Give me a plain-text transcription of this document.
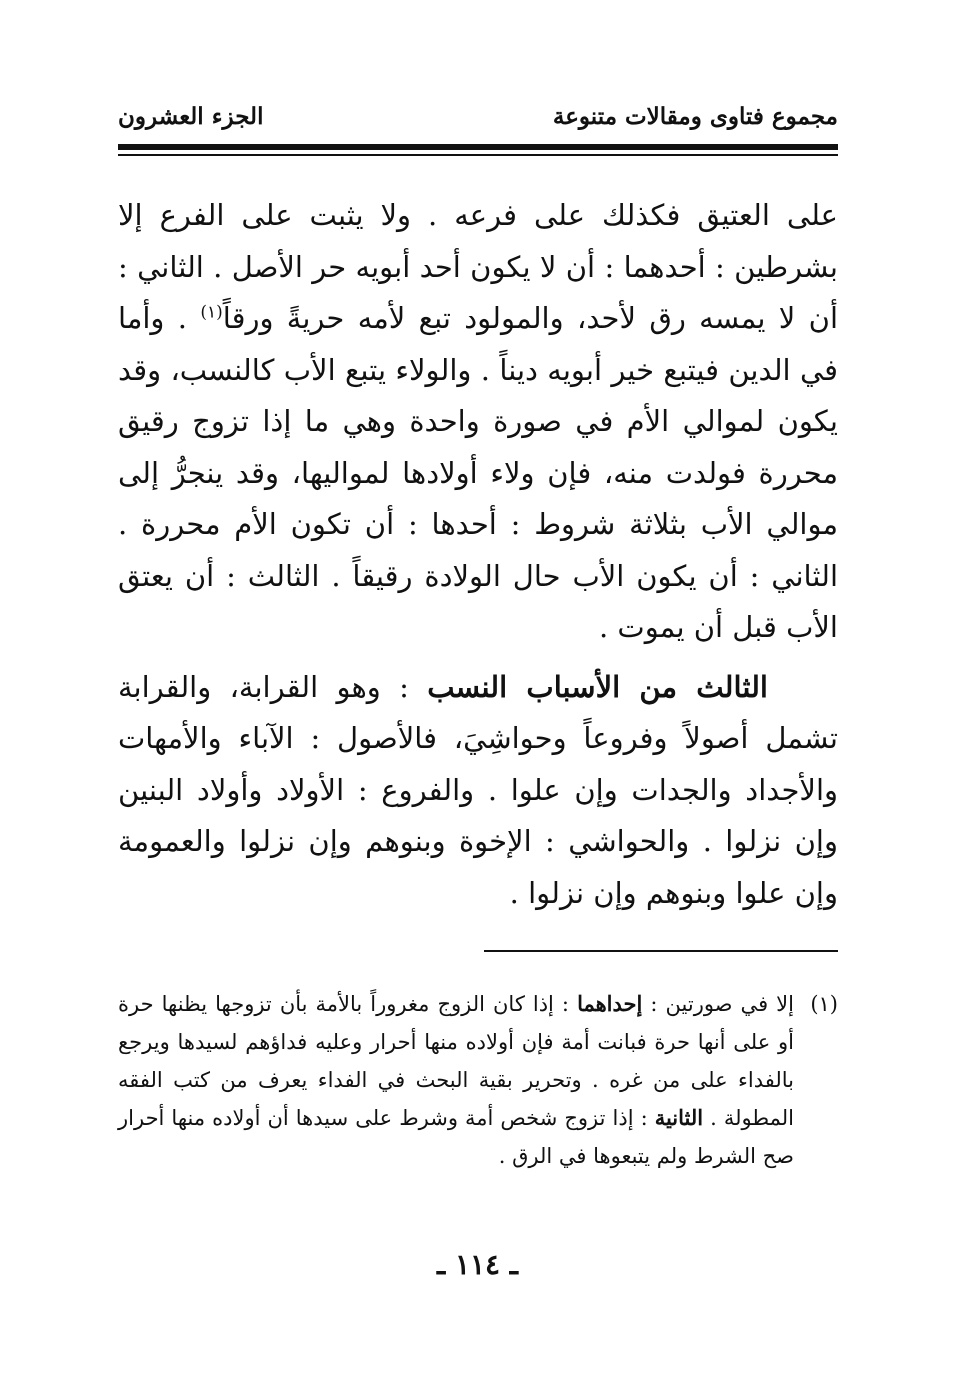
مجموع فتاوى ومقالات متنوعة
الجزء العشرون

على العتيق فكذلك على فرعه . ولا يثبت على الفرع إلا بشرطين : أحدهما : أن لا يكون أحد أبويه حر الأصل . الثاني : أن لا يمسه رق لأحد، والمولود تبع لأمه حريةً ورقاً$^{(١)}$ . وأما في الدين فيتبع خير أبويه ديناً . والولاء يتبع الأب كالنسب، وقد يكون لموالي الأم في صورة واحدة وهي ما إذا تزوج رقيق محررة فولدت منه، فإن ولاء أولادها لمواليها، وقد ينجرُّ إلى موالي الأب بثلاثة شروط : أحدها : أن تكون الأم محررة . الثاني : أن يكون الأب حال الولادة رقيقاً . الثالث : أن يعتق الأب قبل أن يموت .

الثالث من الأسباب النسب : وهو القرابة، والقرابة تشمل أصولاً وفروعاً وحواشِيَ، فالأصول : الآباء والأمهات والأجداد والجدات وإن علوا . والفروع : الأولاد وأولاد البنين وإن نزلوا . والحواشي : الإخوة وبنوهم وإن نزلوا والعمومة وإن علوا وبنوهم وإن نزلوا .

(١)
إلا في صورتين : إحداهما : إذا كان الزوج مغروراً بالأمة بأن تزوجها يظنها حرة أو على أنها حرة فبانت أمة فإن أولاده منها أحرار وعليه فداؤهم لسيدها ويرجع بالفداء على من غره . وتحرير بقية البحث في الفداء يعرف من كتب الفقه المطولة . الثانية : إذا تزوج شخص أمة وشرط على سيدها أن أولاده منها أحرار صح الشرط ولم يتبعوها في الرق .
ـ ١١٤ ـ
